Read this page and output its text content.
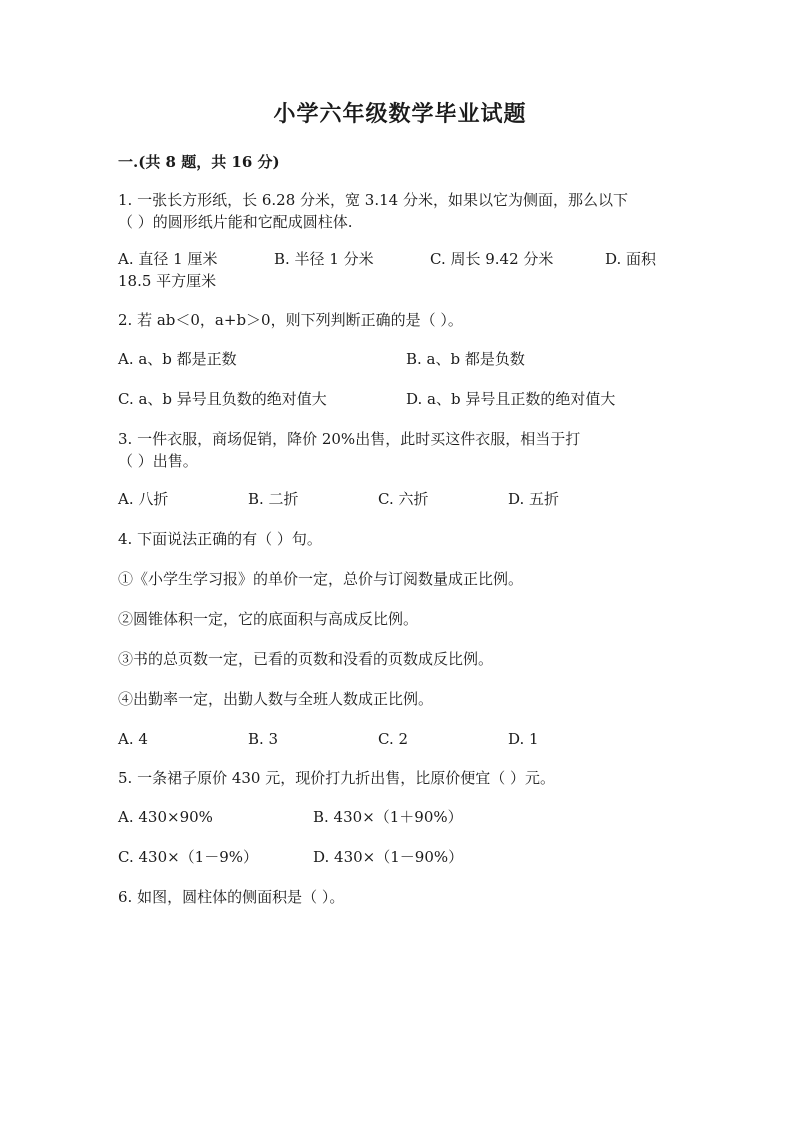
小学六年级数学毕业试题
一.(共 8 题，共 16 分)
1. 一张长方形纸，长 6.28 分米，宽 3.14 分米，如果以它为侧面，那么以下
（ ）的圆形纸片能和它配成圆柱体.
A. 直径 1 厘米	B. 半径 1 分米	C. 周长 9.42 分米	D. 面积
18.5 平方厘米
2. 若 ab＜0，a+b＞0，则下列判断正确的是（ ）。
A. a、b 都是正数	B. a、b 都是负数
C. a、b 异号且负数的绝对值大	D. a、b 异号且正数的绝对值大
3. 一件衣服，商场促销，降价 20%出售，此时买这件衣服，相当于打
（ ）出售。
A. 八折	B. 二折	C. 六折	D. 五折
4. 下面说法正确的有（ ）句。
①《小学生学习报》的单价一定，总价与订阅数量成正比例。
②圆锥体积一定，它的底面积与高成反比例。
③书的总页数一定，已看的页数和没看的页数成反比例。
④出勤率一定，出勤人数与全班人数成正比例。
A. 4	B. 3	C. 2	D. 1
5. 一条裙子原价 430 元，现价打九折出售，比原价便宜（ ）元。
A. 430×90%	B. 430×（1＋90%）
C. 430×（1－9%）	D. 430×（1－90%）
6. 如图，圆柱体的侧面积是（ ）。
